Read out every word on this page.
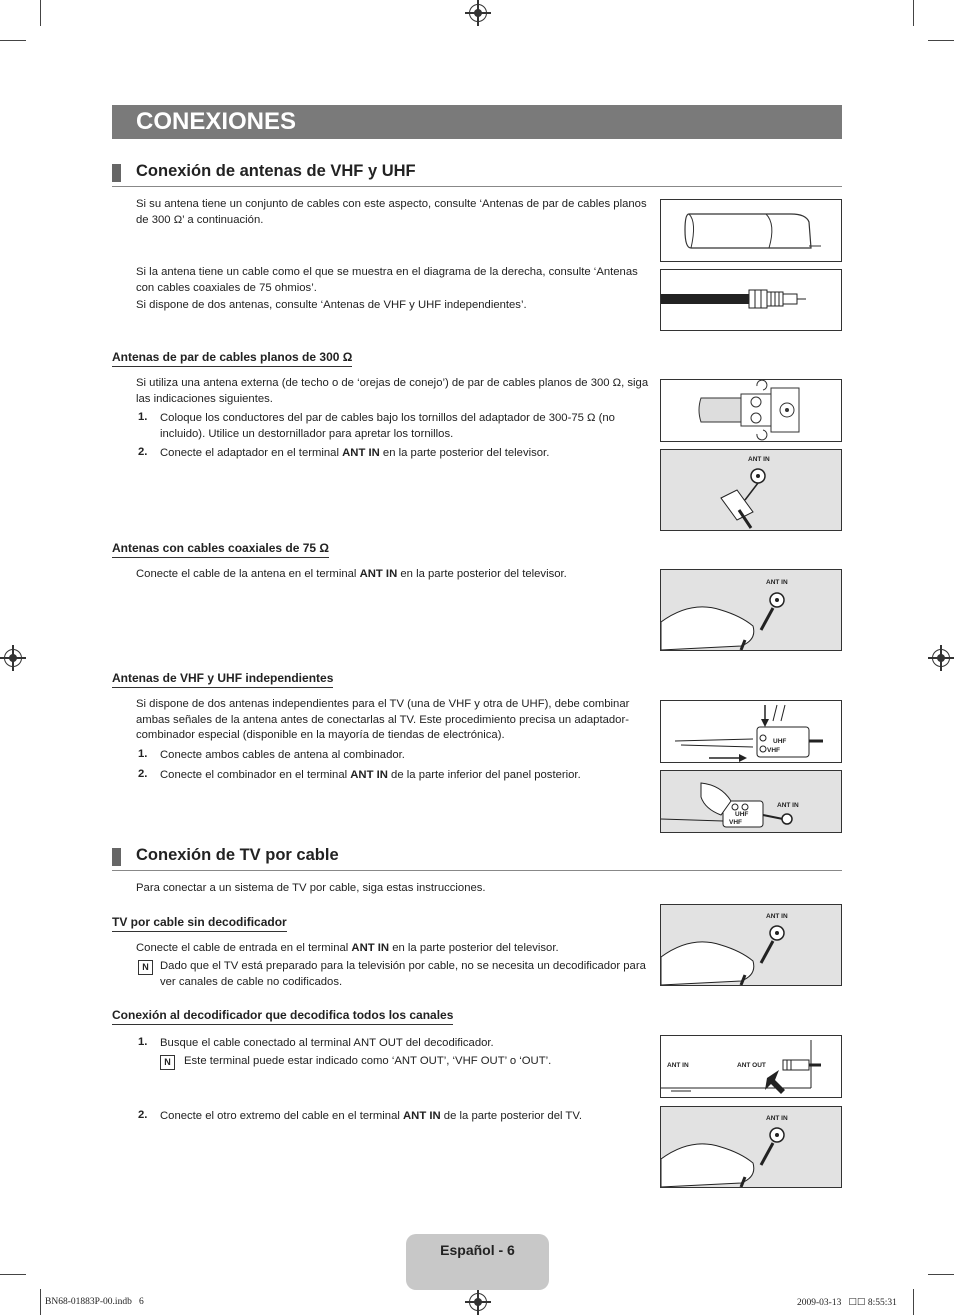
CONEXIONES
Conexión de antenas de VHF y UHF
Si su antena tiene un conjunto de cables con este aspecto, consulte ‘Antenas de par de cables planos de 300 Ω’ a continuación.
Si la antena tiene un cable como el que se muestra en el diagrama de la derecha, consulte ‘Antenas con cables coaxiales de 75 ohmios’.
Si dispone de dos antenas, consulte ‘Antenas de VHF y UHF independientes’.
Antenas de par de cables planos de 300 Ω
Si utiliza una antena externa (de techo o de ‘orejas de conejo’) de par de cables planos de 300 Ω, siga las indicaciones siguientes.
1. Coloque los conductores del par de cables bajo los tornillos del adaptador de 300-75 Ω (no incluido). Utilice un destornillador para apretar los tornillos.
2. Conecte el adaptador en el terminal ANT IN en la parte posterior del televisor.
ANT IN
Antenas con cables coaxiales de 75 Ω
Conecte el cable de la antena en el terminal ANT IN en la parte posterior del televisor.
ANT IN
Antenas de VHF y UHF independientes
Si dispone de dos antenas independientes para el TV (una de VHF y otra de UHF), debe combinar ambas señales de la antena antes de conectarlas al TV. Este procedimiento precisa un adaptador-combinador especial (disponible en la mayoría de tiendas de electrónica).
1. Conecte ambos cables de antena al combinador.
2. Conecte el combinador en el terminal ANT IN de la parte inferior del panel posterior.
UHF
VHF
ANT IN
UHF
VHF
Conexión de TV por cable
Para conectar a un sistema de TV por cable, siga estas instrucciones.
TV por cable sin decodificador
Conecte el cable de entrada en el terminal ANT IN en la parte posterior del televisor.
N Dado que el TV está preparado para la televisión por cable, no se necesita un decodificador para ver canales de cable no codificados.
ANT IN
Conexión al decodificador que decodifica todos los canales
1. Busque el cable conectado al terminal ANT OUT del decodificador.
N	Este terminal puede estar indicado como ‘ANT OUT’, ‘VHF OUT’ o ‘OUT’.
2. Conecte el otro extremo del cable en el terminal ANT IN de la parte posterior del TV.
ANT IN	ANT OUT
ANT IN
Español - 6
BN68-01883P-00.indb   6	2009-03-13   ☐☐ 8:55:31
